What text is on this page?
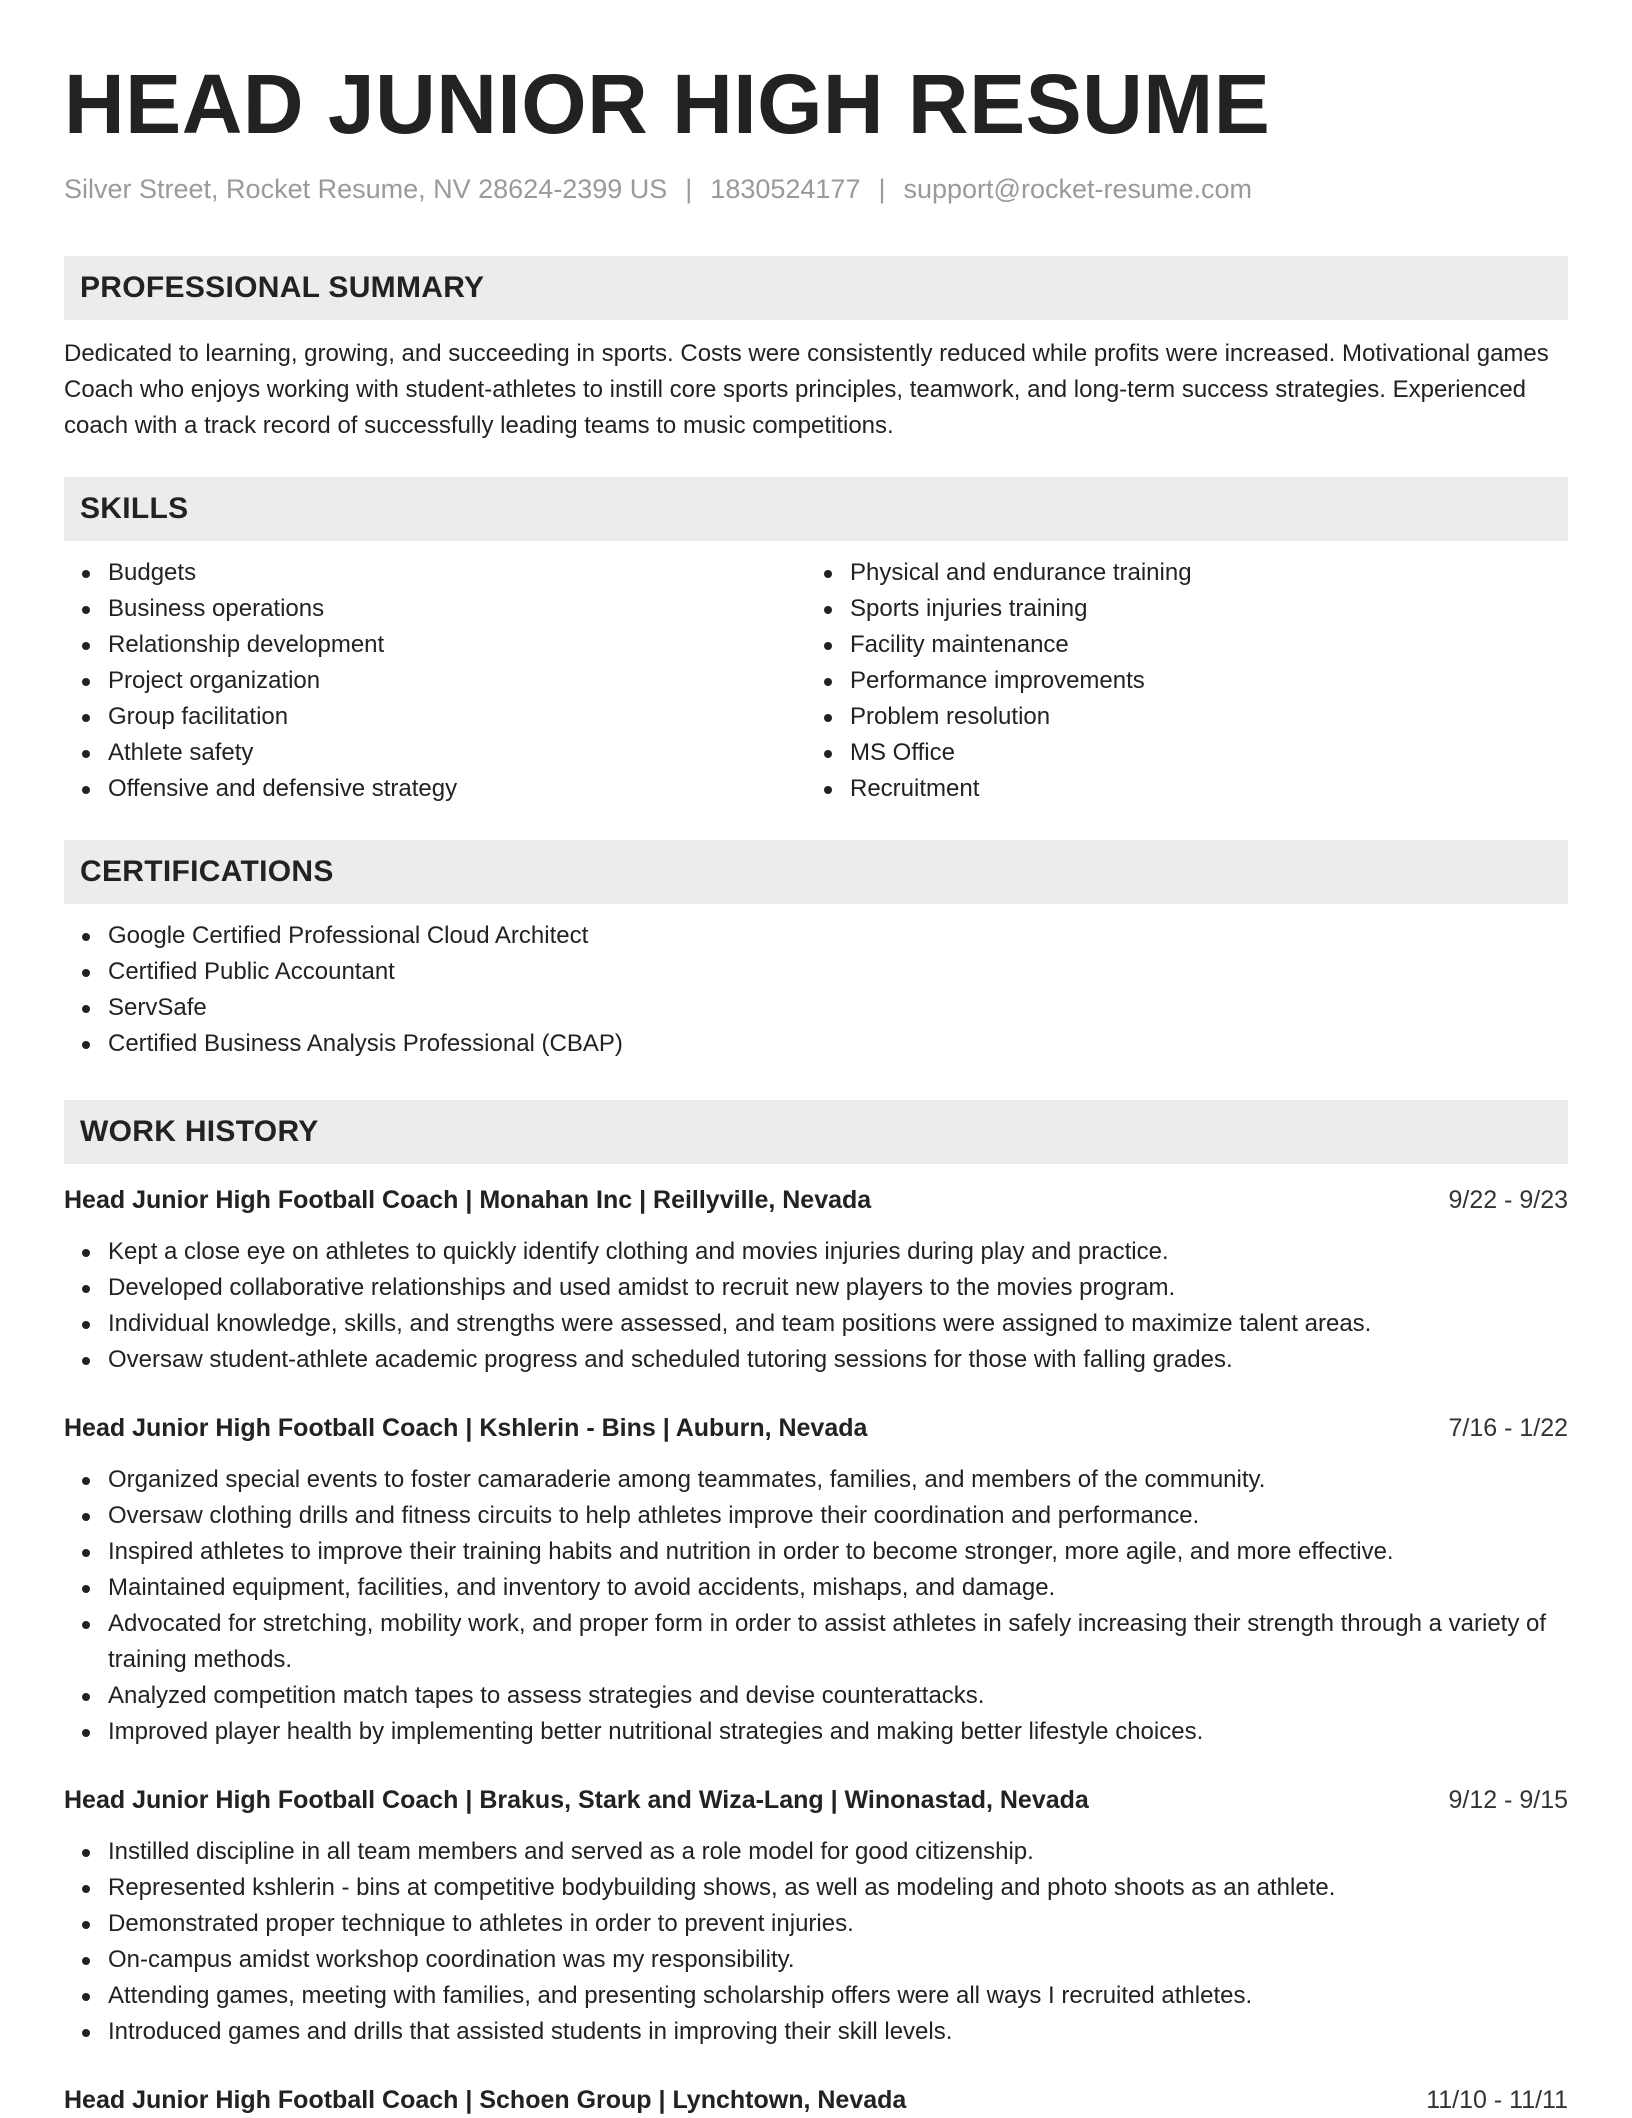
HEAD JUNIOR HIGH RESUME
Silver Street, Rocket Resume, NV 28624-2399 US | 1830524177 | support@rocket-resume.com
PROFESSIONAL SUMMARY

Dedicated to learning, growing, and succeeding in sports. Costs were consistently reduced while profits were increased. Motivational games Coach who enjoys working with student-athletes to instill core sports principles, teamwork, and long-term success strategies. Experienced coach with a track record of successfully leading teams to music competitions.

SKILLS
Budgets
Business operations
Relationship development
Project organization
Group facilitation
Athlete safety
Offensive and defensive strategy
Physical and endurance training
Sports injuries training
Facility maintenance
Performance improvements
Problem resolution
MS Office
Recruitment
CERTIFICATIONS
Google Certified Professional Cloud Architect
Certified Public Accountant
ServSafe
Certified Business Analysis Professional (CBAP)
WORK HISTORY
Head Junior High Football Coach | Monahan Inc | Reillyville, Nevada	9/22 - 9/23
Kept a close eye on athletes to quickly identify clothing and movies injuries during play and practice.
Developed collaborative relationships and used amidst to recruit new players to the movies program.
Individual knowledge, skills, and strengths were assessed, and team positions were assigned to maximize talent areas.
Oversaw student-athlete academic progress and scheduled tutoring sessions for those with falling grades.
Head Junior High Football Coach | Kshlerin - Bins | Auburn, Nevada	7/16 - 1/22
Organized special events to foster camaraderie among teammates, families, and members of the community.
Oversaw clothing drills and fitness circuits to help athletes improve their coordination and performance.
Inspired athletes to improve their training habits and nutrition in order to become stronger, more agile, and more effective.
Maintained equipment, facilities, and inventory to avoid accidents, mishaps, and damage.
Advocated for stretching, mobility work, and proper form in order to assist athletes in safely increasing their strength through a variety of training methods.
Analyzed competition match tapes to assess strategies and devise counterattacks.
Improved player health by implementing better nutritional strategies and making better lifestyle choices.
Head Junior High Football Coach | Brakus, Stark and Wiza-Lang | Winonastad, Nevada	9/12 - 9/15
Instilled discipline in all team members and served as a role model for good citizenship.
Represented kshlerin - bins at competitive bodybuilding shows, as well as modeling and photo shoots as an athlete.
Demonstrated proper technique to athletes in order to prevent injuries.
On-campus amidst workshop coordination was my responsibility.
Attending games, meeting with families, and presenting scholarship offers were all ways I recruited athletes.
Introduced games and drills that assisted students in improving their skill levels.
Head Junior High Football Coach | Schoen Group | Lynchtown, Nevada	11/10 - 11/11
